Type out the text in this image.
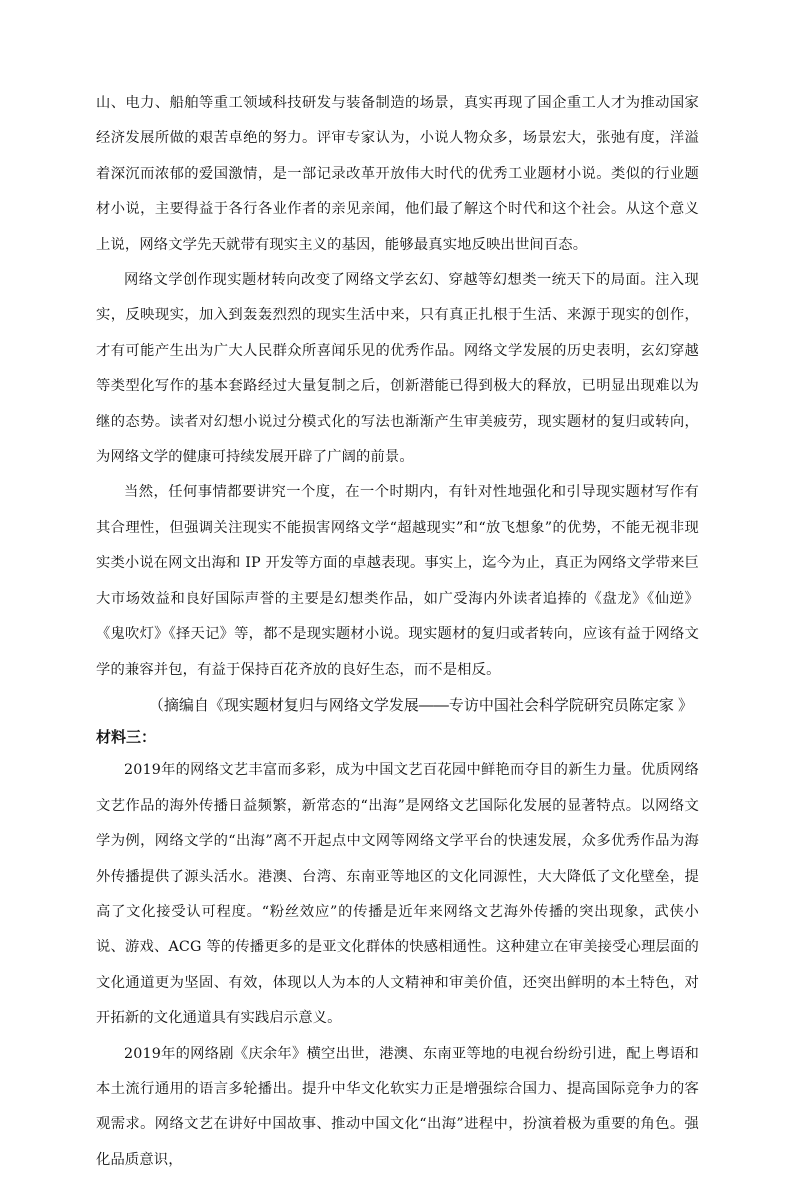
山、电力、船舶等重工领域科技研发与装备制造的场景，真实再现了国企重工人才为推动国家经济发展所做的艰苦卓绝的努力。评审专家认为，小说人物众多，场景宏大，张弛有度，洋溢着深沉而浓郁的爱国激情，是一部记录改革开放伟大时代的优秀工业题材小说。类似的行业题材小说，主要得益于各行各业作者的亲见亲闻，他们最了解这个时代和这个社会。从这个意义上说，网络文学先天就带有现实主义的基因，能够最真实地反映出世间百态。

网络文学创作现实题材转向改变了网络文学玄幻、穿越等幻想类一统天下的局面。注入现实，反映现实，加入到轰轰烈烈的现实生活中来，只有真正扎根于生活、来源于现实的创作，才有可能产生出为广大人民群众所喜闻乐见的优秀作品。网络文学发展的历史表明，玄幻穿越等类型化写作的基本套路经过大量复制之后，创新潜能已得到极大的释放，已明显出现难以为继的态势。读者对幻想小说过分模式化的写法也渐渐产生审美疲劳，现实题材的复归或转向，为网络文学的健康可持续发展开辟了广阔的前景。

当然，任何事情都要讲究一个度，在一个时期内，有针对性地强化和引导现实题材写作有其合理性，但强调关注现实不能损害网络文学“超越现实”和“放飞想象”的优势，不能无视非现实类小说在网文出海和 IP 开发等方面的卓越表现。事实上，迄今为止，真正为网络文学带来巨大市场效益和良好国际声誉的主要是幻想类作品，如广受海内外读者追捧的《盘龙》《仙逆》《鬼吹灯》《择天记》等，都不是现实题材小说。现实题材的复归或者转向，应该有益于网络文学的兼容并包，有益于保持百花齐放的良好生态，而不是相反。

（摘编自《现实题材复归与网络文学发展——专访中国社会科学院研究员陈定家 》

材料三：

2019年的网络文艺丰富而多彩，成为中国文艺百花园中鲜艳而夺目的新生力量。优质网络文艺作品的海外传播日益频繁，新常态的“出海”是网络文艺国际化发展的显著特点。以网络文学为例，网络文学的“出海”离不开起点中文网等网络文学平台的快速发展，众多优秀作品为海外传播提供了源头活水。港澳、台湾、东南亚等地区的文化同源性，大大降低了文化壁垒，提高了文化接受认可程度。“粉丝效应”的传播是近年来网络文艺海外传播的突出现象，武侠小说、游戏、ACG 等的传播更多的是亚文化群体的快感相通性。这种建立在审美接受心理层面的文化通道更为坚固、有效，体现以人为本的人文精神和审美价值，还突出鲜明的本土特色，对开拓新的文化通道具有实践启示意义。

2019年的网络剧《庆余年》横空出世，港澳、东南亚等地的电视台纷纷引进，配上粤语和本土流行通用的语言多轮播出。提升中华文化软实力正是增强综合国力、提高国际竞争力的客观需求。网络文艺在讲好中国故事、推动中国文化“出海”进程中，扮演着极为重要的角色。强化品质意识，
